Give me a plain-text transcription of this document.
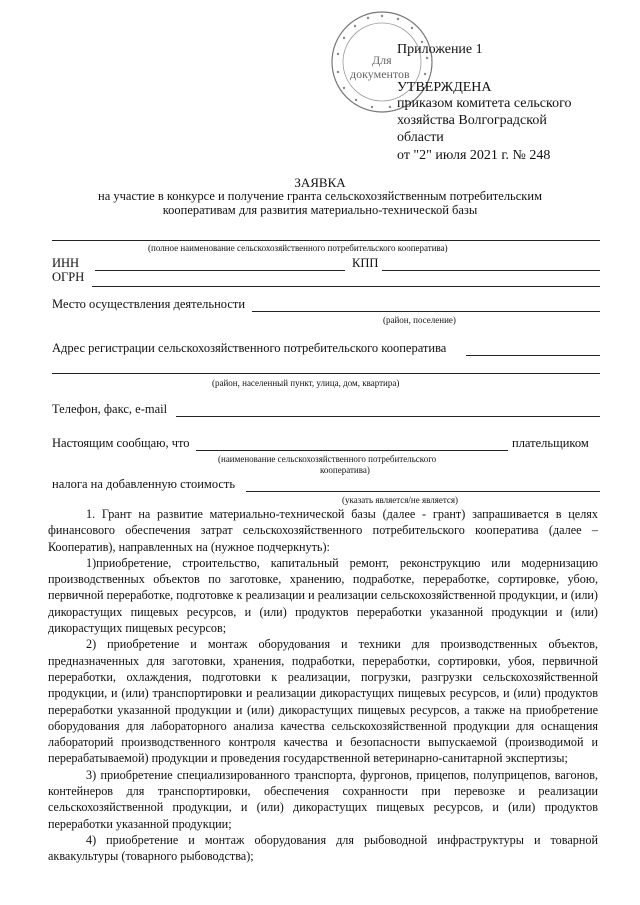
Для
документов
Приложение 1
УТВЕРЖДЕНА
приказом комитета сельского
хозяйства Волгоградской
области
от "2" июля 2021 г. № 248
ЗАЯВКА
на участие в конкурсе и получение гранта сельскохозяйственным потребительским
кооперативам для развития материально-технической базы
(полное наименование сельскохозяйственного потребительского кооператива)
ИНН	КПП
ОГРН
Место осуществления деятельности
(район, поселение)
Адрес регистрации сельскохозяйственного потребительского кооператива
(район, населенный пункт, улица, дом, квартира)
Телефон, факс, e-mail
Настоящим сообщаю, что	плательщиком
(наименование сельскохозяйственного потребительского
кооператива)
налога на добавленную стоимость
(указать является/не является)

1. Грант на развитие материально-технической базы (далее - грант) запрашивается в целях финансового обеспечения затрат сельскохозяйственного потребительского кооператива (далее – Кооператив), направленных на (нужное подчеркнуть):

1)приобретение, строительство, капитальный ремонт, реконструкцию или модернизацию производственных объектов по заготовке, хранению, подработке, переработке, сортировке, убою, первичной переработке, подготовке к реализации и реализации сельскохозяйственной продукции, и (или) дикорастущих пищевых ресурсов, и (или) продуктов переработки указанной продукции и (или) дикорастущих пищевых ресурсов;

2) приобретение и монтаж оборудования и техники для производственных объектов, предназначенных для заготовки, хранения, подработки, переработки, сортировки, убоя, первичной переработки, охлаждения, подготовки к реализации, погрузки, разгрузки сельскохозяйственной продукции, и (или) транспортировки и реализации дикорастущих пищевых ресурсов, и (или) продуктов переработки указанной продукции и (или) дикорастущих пищевых ресурсов, а также на приобретение оборудования для лабораторного анализа качества сельскохозяйственной продукции для оснащения лабораторий производственного контроля качества и безопасности выпускаемой (производимой и перерабатываемой) продукции и проведения государственной ветеринарно-санитарной экспертизы;

3) приобретение специализированного транспорта, фургонов, прицепов, полуприцепов, вагонов, контейнеров для транспортировки, обеспечения сохранности при перевозке и реализации сельскохозяйственной продукции, и (или) дикорастущих пищевых ресурсов, и (или) продуктов переработки указанной продукции;

4) приобретение и монтаж оборудования для рыбоводной инфраструктуры и товарной аквакультуры (товарного рыбоводства);
